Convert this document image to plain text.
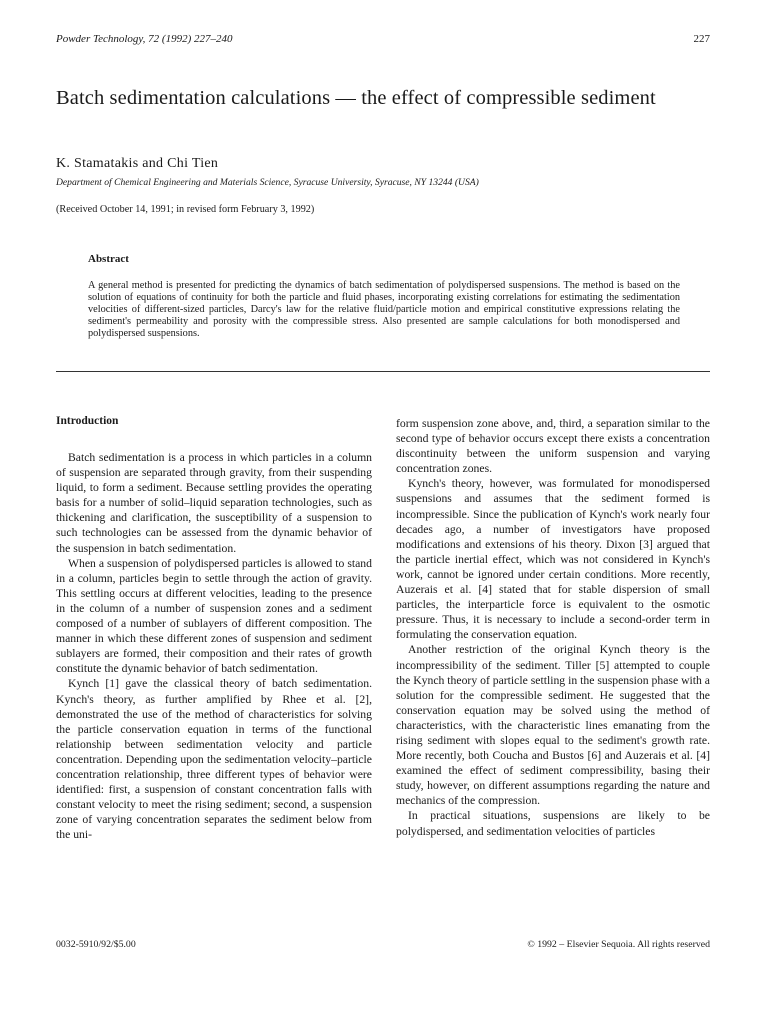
Powder Technology, 72 (1992) 227–240	227
Batch sedimentation calculations — the effect of compressible sediment
K. Stamatakis and Chi Tien
Department of Chemical Engineering and Materials Science, Syracuse University, Syracuse, NY 13244 (USA)
(Received October 14, 1991; in revised form February 3, 1992)
Abstract
A general method is presented for predicting the dynamics of batch sedimentation of polydispersed suspensions. The method is based on the solution of equations of continuity for both the particle and fluid phases, incorporating existing correlations for estimating the sedimentation velocities of different-sized particles, Darcy's law for the relative fluid/particle motion and empirical constitutive expressions relating the sediment's permeability and porosity with the compressible stress. Also presented are sample calculations for both monodispersed and polydispersed suspensions.
Introduction

Batch sedimentation is a process in which particles in a column of suspension are separated through gravity, from their suspending liquid, to form a sediment. Because settling provides the operating basis for a number of solid–liquid separation technologies, such as thickening and clarification, the susceptibility of a suspension to such technologies can be assessed from the dynamic behavior of the suspension in batch sedimentation.

When a suspension of polydispersed particles is allowed to stand in a column, particles begin to settle through the action of gravity. This settling occurs at different velocities, leading to the presence in the column of a number of suspension zones and a sediment composed of a number of sublayers of different composition. The manner in which these different zones of suspension and sediment sublayers are formed, their composition and their rates of growth constitute the dynamic behavior of batch sedimentation.

Kynch [1] gave the classical theory of batch sedimentation. Kynch's theory, as further amplified by Rhee et al. [2], demonstrated the use of the method of characteristics for solving the particle conservation equation in terms of the functional relationship between sedimentation velocity and particle concentration. Depending upon the sedimentation velocity–particle concentration relationship, three different types of behavior were identified: first, a suspension of constant concentration falls with constant velocity to meet the rising sediment; second, a suspension zone of varying concentration separates the sediment below from the uni-

form suspension zone above, and, third, a separation similar to the second type of behavior occurs except there exists a concentration discontinuity between the uniform suspension and varying concentration zones.

Kynch's theory, however, was formulated for monodispersed suspensions and assumes that the sediment formed is incompressible. Since the publication of Kynch's work nearly four decades ago, a number of investigators have proposed modifications and extensions of his theory. Dixon [3] argued that the particle inertial effect, which was not considered in Kynch's work, cannot be ignored under certain conditions. More recently, Auzerais et al. [4] stated that for stable dispersion of small particles, the interparticle force is equivalent to the osmotic pressure. Thus, it is necessary to include a second-order term in formulating the conservation equation.

Another restriction of the original Kynch theory is the incompressibility of the sediment. Tiller [5] attempted to couple the Kynch theory of particle settling in the suspension phase with a solution for the compressible sediment. He suggested that the conservation equation may be solved using the method of characteristics, with the characteristic lines emanating from the rising sediment with slopes equal to the sediment's growth rate. More recently, both Coucha and Bustos [6] and Auzerais et al. [4] examined the effect of sediment compressibility, basing their study, however, on different assumptions regarding the nature and mechanics of the compression.

In practical situations, suspensions are likely to be polydispersed, and sedimentation velocities of particles

0032-5910/92/$5.00	© 1992 – Elsevier Sequoia. All rights reserved
